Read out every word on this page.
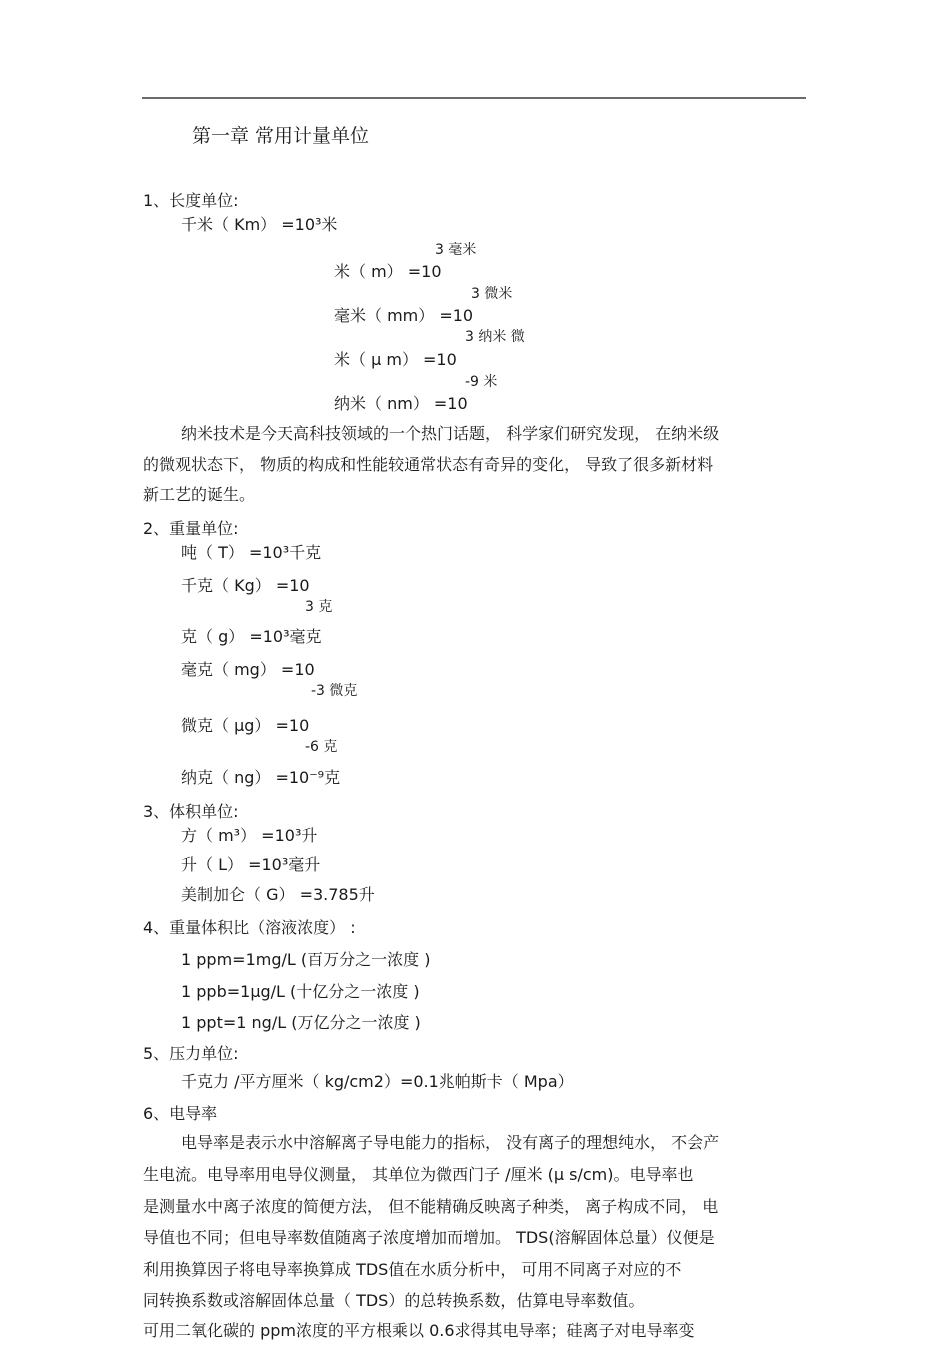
第一章 常用计量单位
1、长度单位:
千米（ Km） =10³米
3 毫米
米（ m） =10
3 微米
毫米（ mm） =10
3 纳米 微
米（ μ m） =10
-9 米
纳米（ nm） =10
纳米技术是今天高科技领域的一个热门话题， 科学家们研究发现， 在纳米级
的微观状态下， 物质的构成和性能较通常状态有奇异的变化， 导致了很多新材料
新工艺的诞生。
2、重量单位:
吨（ T） =10³千克
千克（ Kg） =10
3 克
克（ g） =10³毫克
毫克（ mg） =10
-3 微克
微克（ μg） =10
-6 克
纳克（ ng） =10⁻⁹克
3、体积单位:
方（ m³） =10³升
升（ L） =10³毫升
美制加仑（ G） =3.785升
4、重量体积比（溶液浓度） :
1 ppm=1mg/L (百万分之一浓度 )
1 ppb=1μg/L (十亿分之一浓度 )
1 ppt=1 ng/L (万亿分之一浓度 )
5、压力单位:
千克力 /平方厘米（ kg/cm2）=0.1兆帕斯卡（ Mpa）
6、电导率
电导率是表示水中溶解离子导电能力的指标， 没有离子的理想纯水， 不会产
生电流。电导率用电导仪测量， 其单位为微西门子 /厘米 (μ s/cm)。电导率也
是测量水中离子浓度的简便方法， 但不能精确反映离子种类， 离子构成不同， 电
导值也不同；但电导率数值随离子浓度增加而增加。 TDS(溶解固体总量）仪便是
利用换算因子将电导率换算成 TDS值在水质分析中， 可用不同离子对应的不
同转换系数或溶解固体总量（ TDS）的总转换系数，估算电导率数值。
可用二氧化碳的 ppm浓度的平方根乘以 0.6求得其电导率；硅离子对电导率变
